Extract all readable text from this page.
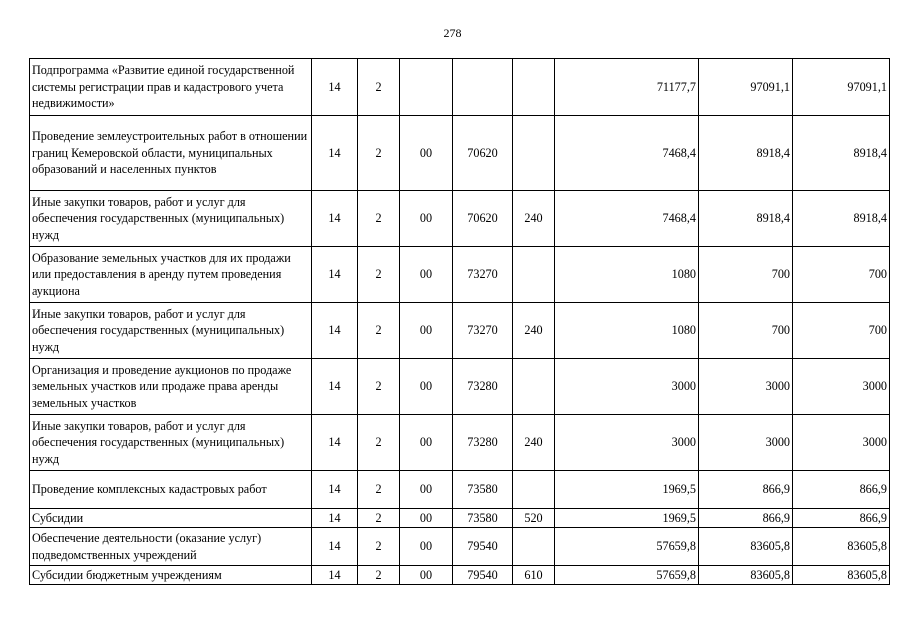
278
Подпрограмма «Развитие единой государственной системы регистрации прав и кадастрового учета недвижимости»	14	2				71177,7	97091,1	97091,1
Проведение землеустроительных работ в отношении границ Кемеровской области, муниципальных образований и населенных пунктов	14	2	00	70620		7468,4	8918,4	8918,4
Иные закупки товаров, работ и услуг для обеспечения государственных (муниципальных) нужд	14	2	00	70620	240	7468,4	8918,4	8918,4
Образование земельных участков для их продажи или предоставления в аренду путем проведения аукциона	14	2	00	73270		1080	700	700
Иные закупки товаров, работ и услуг для обеспечения государственных (муниципальных) нужд	14	2	00	73270	240	1080	700	700
Организация и проведение аукционов по продаже земельных участков или продаже права аренды земельных участков	14	2	00	73280		3000	3000	3000
Иные закупки товаров, работ и услуг для обеспечения государственных (муниципальных) нужд	14	2	00	73280	240	3000	3000	3000
Проведение комплексных кадастровых работ	14	2	00	73580		1969,5	866,9	866,9
Субсидии	14	2	00	73580	520	1969,5	866,9	866,9
Обеспечение деятельности (оказание услуг) подведомственных учреждений	14	2	00	79540		57659,8	83605,8	83605,8
Субсидии бюджетным учреждениям	14	2	00	79540	610	57659,8	83605,8	83605,8
